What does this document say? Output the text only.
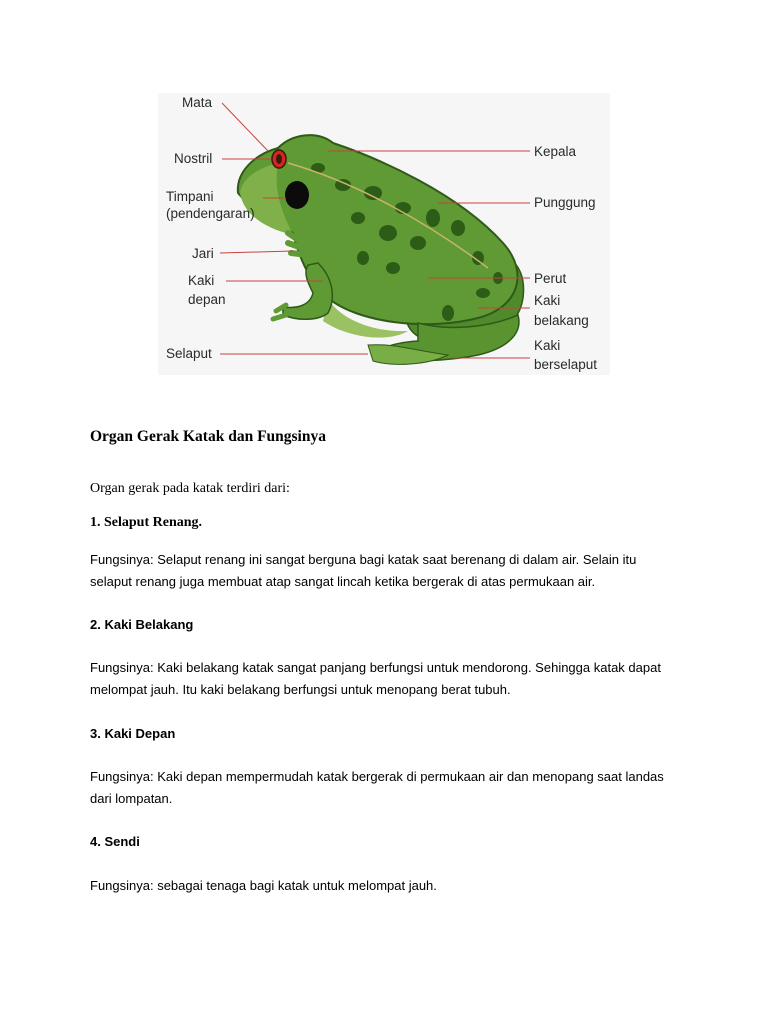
Mata
Nostril
Timpani
(pendengaran)
Jari
Kaki
depan
Selaput
Kepala
Punggung
Perut
Kaki
belakang
Kaki
berselaput
Organ Gerak Katak dan Fungsinya

Organ gerak pada katak terdiri dari:

1. Selaput Renang.

Fungsinya: Selaput renang ini sangat berguna bagi katak saat berenang di dalam air. Selain itu selaput renang juga membuat atap sangat lincah ketika bergerak di atas permukaan air.

2. Kaki Belakang

Fungsinya: Kaki belakang katak sangat panjang berfungsi untuk mendorong. Sehingga katak dapat melompat jauh. Itu kaki belakang berfungsi untuk menopang berat tubuh.

3. Kaki Depan

Fungsinya: Kaki depan mempermudah katak bergerak di permukaan air dan menopang saat landas dari lompatan.

4. Sendi

Fungsinya: sebagai tenaga bagi katak untuk melompat jauh.
